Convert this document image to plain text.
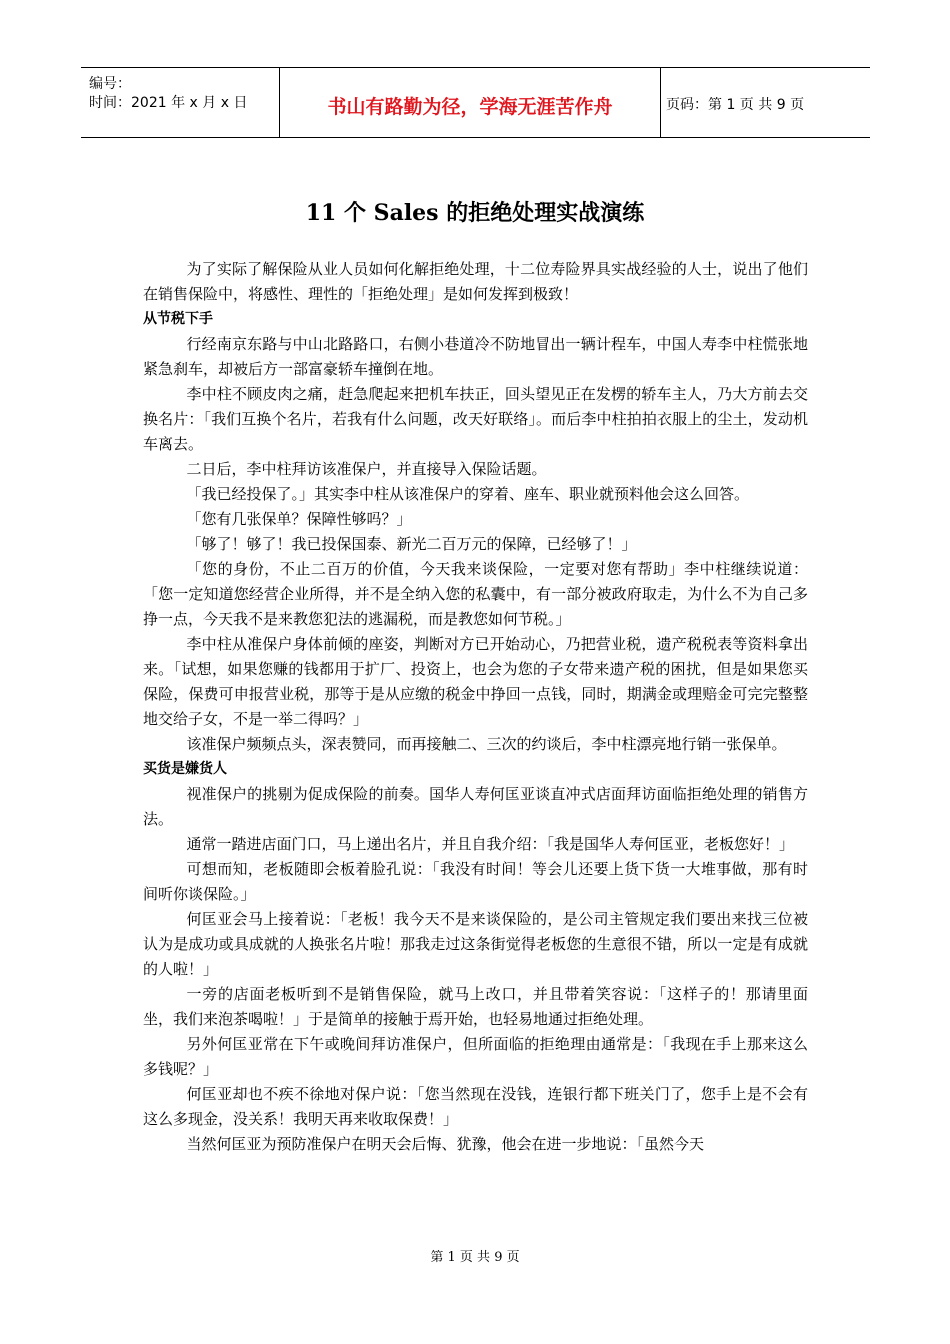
编号：
时间：2021 年 x 月 x 日	书山有路勤为径，学海无涯苦作舟	页码：第 1 页 共 9 页
11 个 Sales 的拒绝处理实战演练

为了实际了解保险从业人员如何化解拒绝处理，十二位寿险界具实战经验的人士，说出了他们在销售保险中，将感性、理性的「拒绝处理」是如何发挥到极致！

从节税下手

行经南京东路与中山北路路口，右侧小巷道冷不防地冒出一辆计程车，中国人寿李中柱慌张地紧急刹车，却被后方一部富豪轿车撞倒在地。

李中柱不顾皮肉之痛，赶急爬起来把机车扶正，回头望见正在发楞的轿车主人，乃大方前去交换名片：「我们互换个名片，若我有什么问题，改天好联络」。而后李中柱拍拍衣服上的尘土，发动机车离去。

二日后，李中柱拜访该准保户，并直接导入保险话题。

「我已经投保了。」其实李中柱从该准保户的穿着、座车、职业就预料他会这么回答。

「您有几张保单？保障性够吗？」

「够了！够了！我已投保国泰、新光二百万元的保障，已经够了！」

「您的身份，不止二百万的价值，今天我来谈保险，一定要对您有帮助」李中柱继续说道：「您一定知道您经营企业所得，并不是全纳入您的私囊中，有一部分被政府取走，为什么不为自己多挣一点，今天我不是来教您犯法的逃漏税，而是教您如何节税。」

李中柱从准保户身体前倾的座姿，判断对方已开始动心，乃把营业税，遗产税税表等资料拿出来。「试想，如果您赚的钱都用于扩厂、投资上，也会为您的子女带来遗产税的困扰，但是如果您买保险，保费可申报营业税，那等于是从应缴的税金中挣回一点钱，同时，期满金或理赔金可完完整整地交给子女，不是一举二得吗？」

该准保户频频点头，深表赞同，而再接触二、三次的约谈后，李中柱漂亮地行销一张保单。

买货是嫌货人

视准保户的挑剔为促成保险的前奏。国华人寿何匡亚谈直冲式店面拜访面临拒绝处理的销售方法。

通常一踏进店面门口，马上递出名片，并且自我介绍：「我是国华人寿何匡亚，老板您好！」

可想而知，老板随即会板着脸孔说：「我没有时间！等会儿还要上货下货一大堆事做，那有时间听你谈保险。」

何匡亚会马上接着说：「老板！我今天不是来谈保险的，是公司主管规定我们要出来找三位被认为是成功或具成就的人换张名片啦！那我走过这条街觉得老板您的生意很不错，所以一定是有成就的人啦！」

一旁的店面老板听到不是销售保险，就马上改口，并且带着笑容说：「这样子的！那请里面坐，我们来泡茶喝啦！」于是简单的接触于焉开始，也轻易地通过拒绝处理。

另外何匡亚常在下午或晚间拜访准保户，但所面临的拒绝理由通常是：「我现在手上那来这么多钱呢？」

何匡亚却也不疾不徐地对保户说：「您当然现在没钱，连银行都下班关门了，您手上是不会有这么多现金，没关系！我明天再来收取保费！」

当然何匡亚为预防准保户在明天会后悔、犹豫，他会在进一步地说：「虽然今天

第 1 页 共 9 页
